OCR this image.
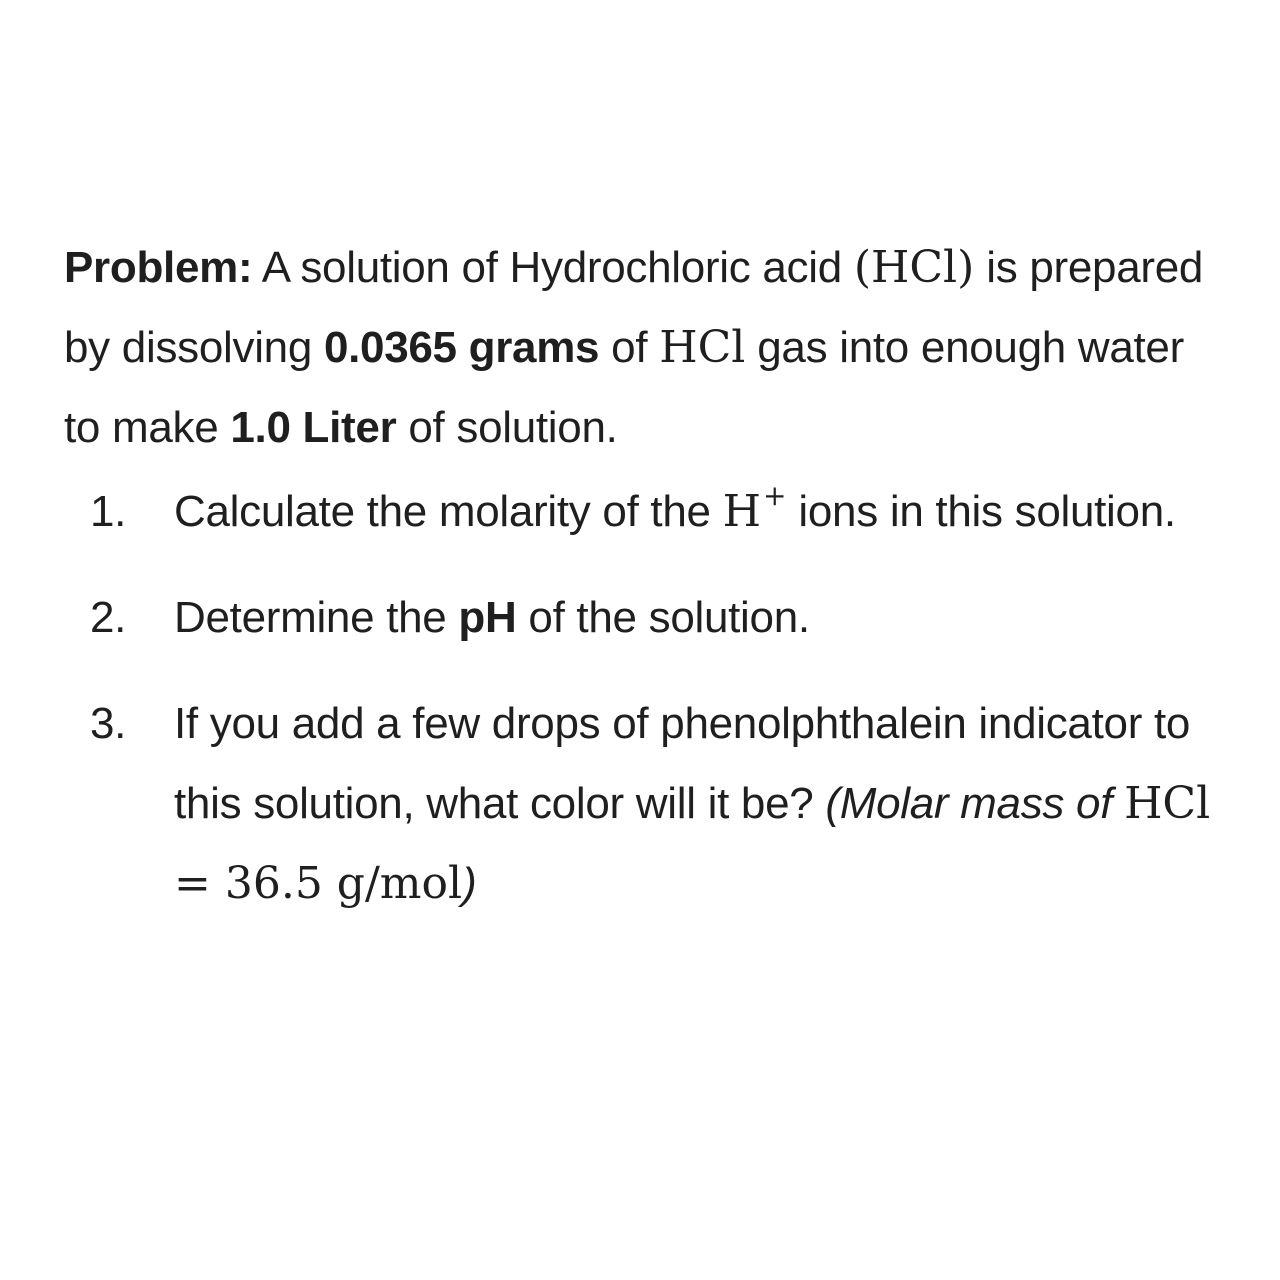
Problem: A solution of Hydrochloric acid (HCl) is prepared by dissolving 0.0365 grams of HCl gas into enough water to make 1.0 Liter of solution.

1.	Calculate the molarity of the H+ ions in this solution.
2.	Determine the pH of the solution.
3.	If you add a few drops of phenolphthalein indicator to this solution, what color will it be? (Molar mass of HCl = 36.5 g/mol)
